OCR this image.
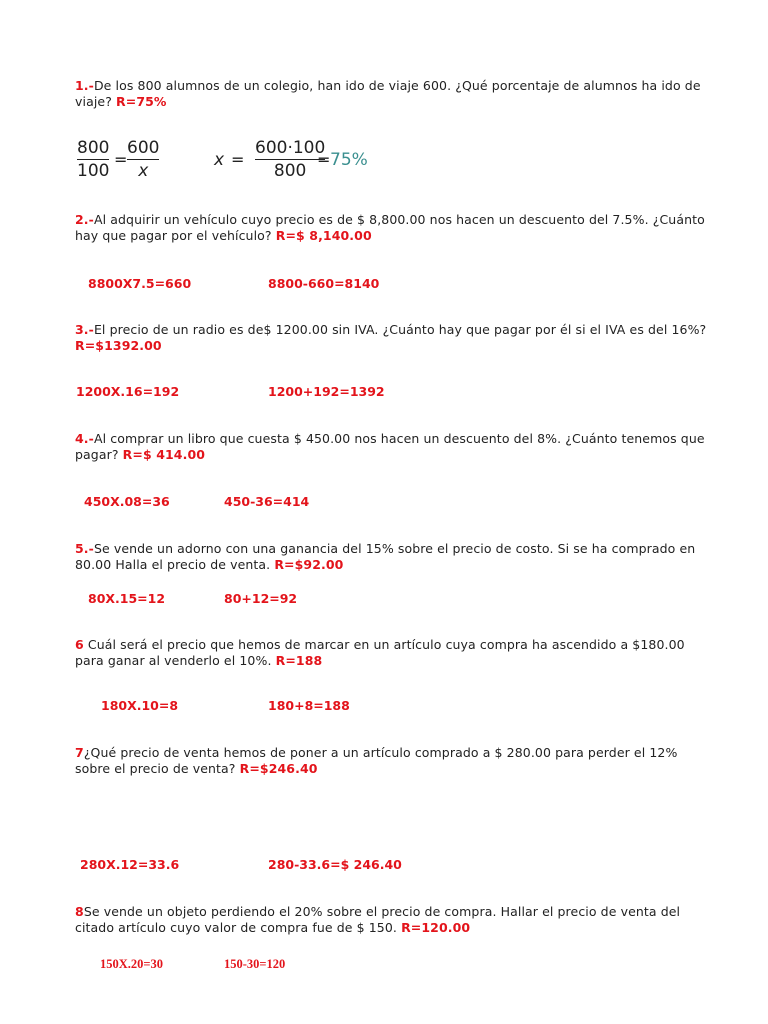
1.-De los 800 alumnos de un colegio, han ido de viaje 600. ¿Qué porcentaje de alumnos ha ido de viaje? R=75%
800
100
=
600
x
x =
600·100
800
= 75%
2.-Al adquirir un vehículo cuyo precio es de $ 8,800.00 nos hacen un descuento del 7.5%. ¿Cuánto hay que pagar por el vehículo? R=$ 8,140.00
8800X7.5=660	8800-660=8140
3.-El precio de un radio es de$ 1200.00 sin IVA. ¿Cuánto hay que pagar por él si el IVA es del 16%? R=$1392.00
1200X.16=192	1200+192=1392
4.-Al comprar un libro que cuesta $ 450.00 nos hacen un descuento del 8%. ¿Cuánto tenemos que pagar? R=$ 414.00
450X.08=36	450-36=414
5.-Se vende un adorno con una ganancia del 15% sobre el precio de costo. Si se ha comprado en 80.00 Halla el precio de venta. R=$92.00
80X.15=12	80+12=92
6 Cuál será el precio que hemos de marcar en un artículo cuya compra ha ascendido a $180.00 para ganar al venderlo el 10%. R=188
180X.10=8	180+8=188
7¿Qué precio de venta hemos de poner a un artículo comprado a $ 280.00 para perder el 12% sobre el precio de venta? R=$246.40
280X.12=33.6	280-33.6=$ 246.40
8Se vende un objeto perdiendo el 20% sobre el precio de compra. Hallar el precio de venta del citado artículo cuyo valor de compra fue de $ 150. R=120.00
150X.20=30	150-30=120
